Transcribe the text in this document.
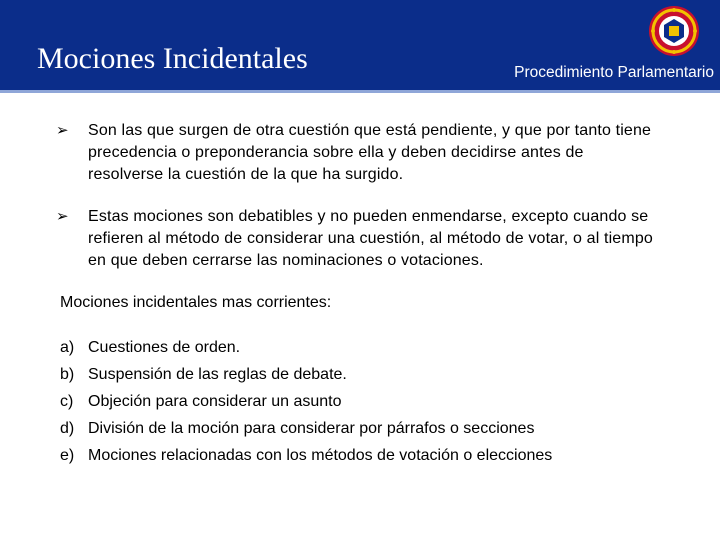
Mociones Incidentales	Procedimiento Parlamentario
➢	Son las que surgen de otra cuestión que está pendiente, y que por tanto tiene precedencia o preponderancia sobre ella y deben decidirse antes de resolverse la cuestión de la que ha surgido.
➢	Estas mociones son debatibles y no pueden enmendarse, excepto cuando se refieren al método de considerar una cuestión, al método de votar, o al tiempo en que deben cerrarse las nominaciones o votaciones.
Mociones incidentales mas corrientes:
a) Cuestiones de orden.
b) Suspensión de las reglas de debate.
c) Objeción para considerar un asunto
d) División de la moción para considerar por párrafos o secciones
e) Mociones relacionadas con los métodos de votación o elecciones
